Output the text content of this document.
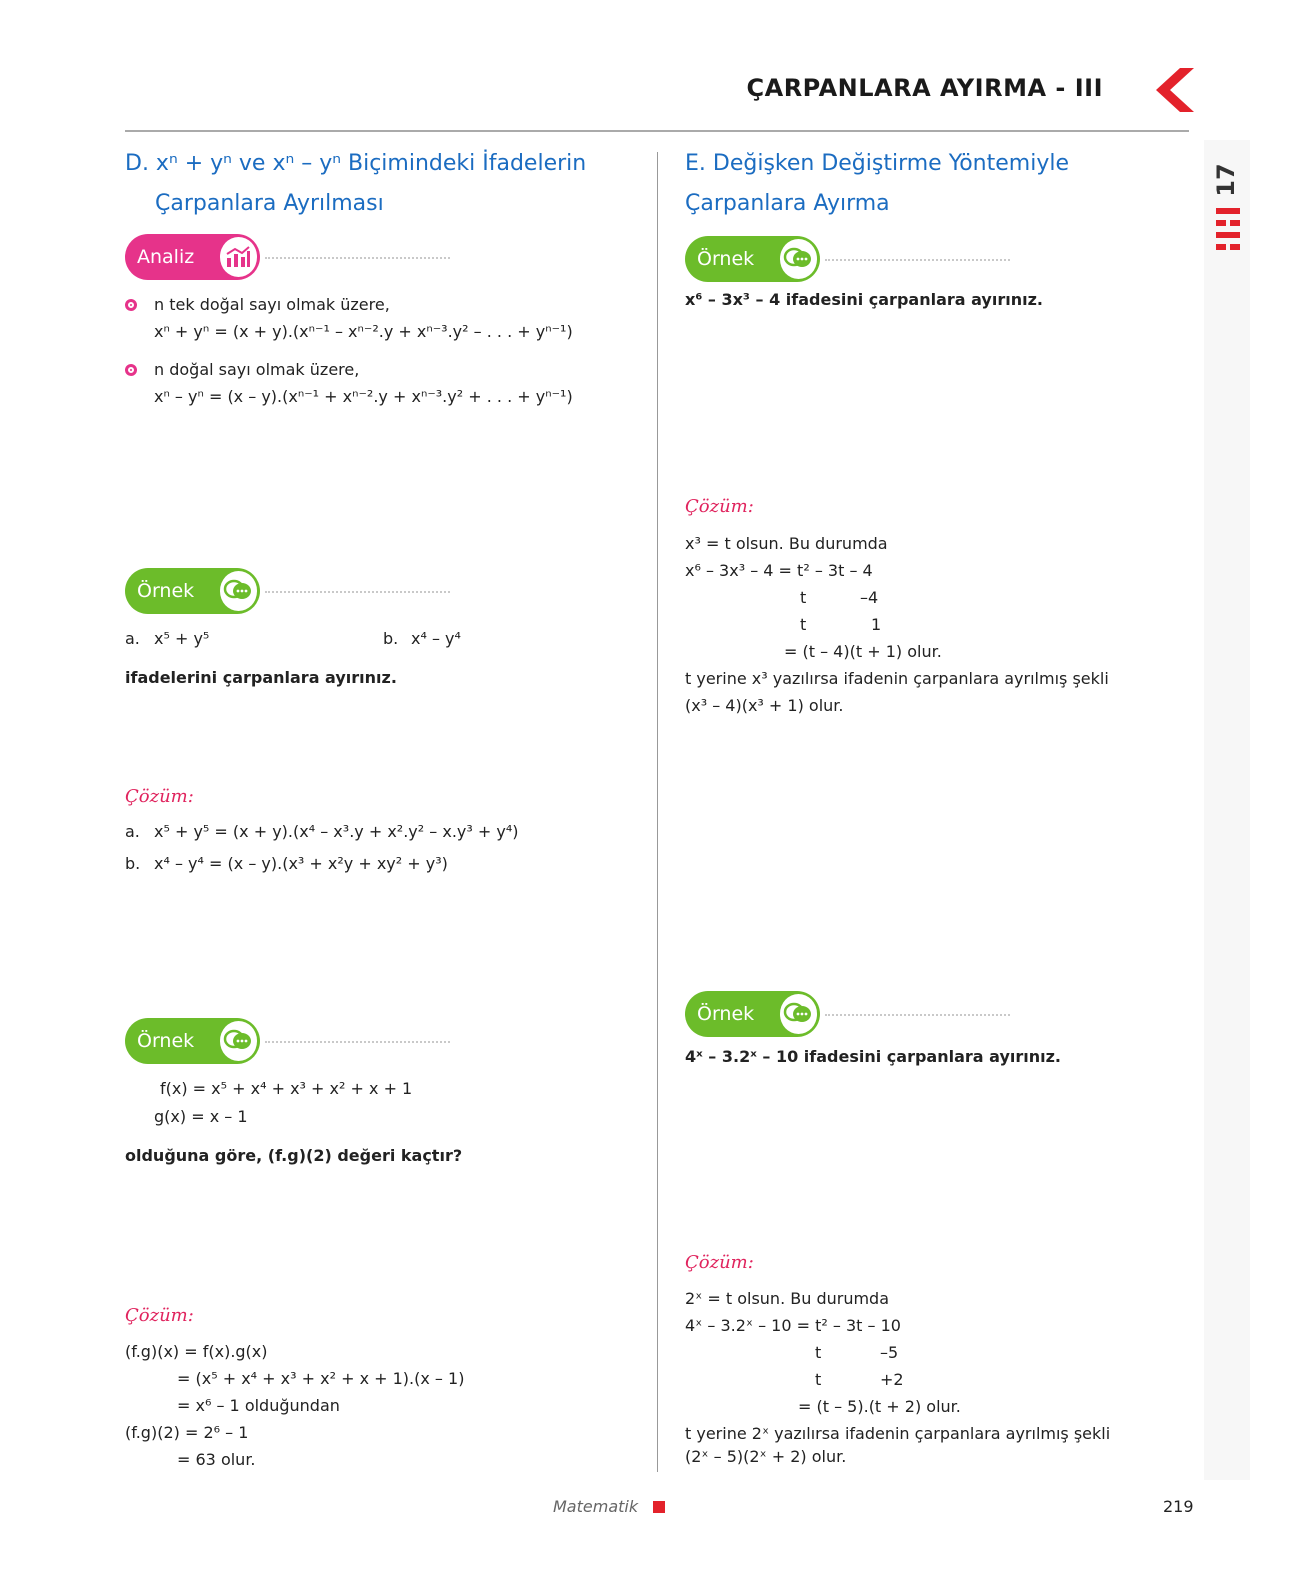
ÇARPANLARA AYIRMA - III
17
D. xⁿ + yⁿ ve xⁿ – yⁿ Biçimindeki İfadelerin
Çarpanlara Ayrılması
Analiz
n tek doğal sayı olmak üzere,
xⁿ + yⁿ = (x + y).(xⁿ⁻¹ – xⁿ⁻².y + xⁿ⁻³.y² – . . . + yⁿ⁻¹)
n doğal sayı olmak üzere,
xⁿ – yⁿ = (x – y).(xⁿ⁻¹ + xⁿ⁻².y + xⁿ⁻³.y² + . . . + yⁿ⁻¹)
Örnek
a. x⁵ + y⁵	b. x⁴ – y⁴
ifadelerini çarpanlara ayırınız.
Çözüm:
a. x⁵ + y⁵ = (x + y).(x⁴ – x³.y + x².y² – x.y³ + y⁴)
b. x⁴ – y⁴ = (x – y).(x³ + x²y + xy² + y³)
Örnek
f(x) = x⁵ + x⁴ + x³ + x² + x + 1
g(x) = x – 1
olduğuna göre, (f.g)(2) değeri kaçtır?
Çözüm:
(f.g)(x) = f(x).g(x)
= (x⁵ + x⁴ + x³ + x² + x + 1).(x – 1)
= x⁶ – 1 olduğundan
(f.g)(2) = 2⁶ – 1
= 63 olur.
E. Değişken Değiştirme Yöntemiyle
Çarpanlara Ayırma
Örnek
x⁶ – 3x³ – 4 ifadesini çarpanlara ayırınız.
Çözüm:
x³ = t olsun. Bu durumda
x⁶ – 3x³ – 4 = t² – 3t – 4
t	–4
t	1
= (t – 4)(t + 1) olur.
t yerine x³ yazılırsa ifadenin çarpanlara ayrılmış şekli
(x³ – 4)(x³ + 1) olur.
Örnek
4ˣ – 3.2ˣ – 10 ifadesini çarpanlara ayırınız.
Çözüm:
2ˣ = t olsun. Bu durumda
4ˣ – 3.2ˣ – 10 = t² – 3t – 10
t	–5
t	+2
= (t – 5).(t + 2) olur.
t yerine 2ˣ yazılırsa ifadenin çarpanlara ayrılmış şekli
(2ˣ – 5)(2ˣ + 2) olur.
Matematik	219
